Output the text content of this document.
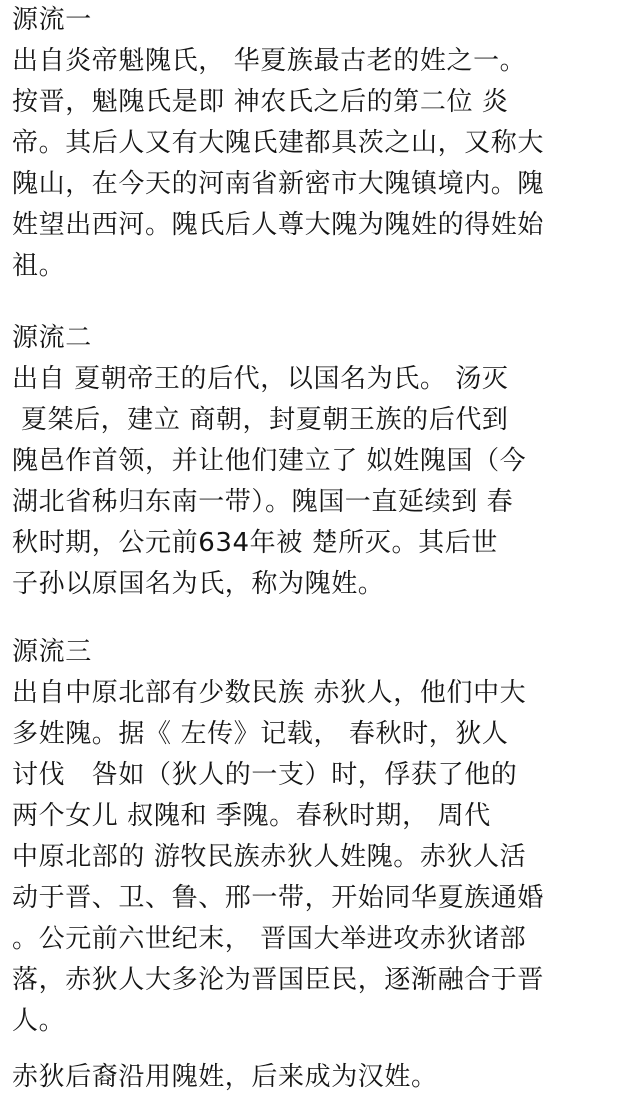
源流一
出自炎帝魁隗氏， 华夏族最古老的姓之一。
按晋，魁隗氏是即 神农氏之后的第二位 炎
帝。其后人又有大隗氏建都具茨之山，又称大
隗山，在今天的河南省新密市大隗镇境内。隗
姓望出西河。隗氏后人尊大隗为隗姓的得姓始
祖。
源流二
出自 夏朝帝王的后代，以国名为氏。 汤灭
夏桀后，建立 商朝，封夏朝王族的后代到
隗邑作首领，并让他们建立了 姒姓隗国（今
湖北省秭归东南一带）。隗国一直延续到 春
秋时期，公元前634年被 楚所灭。其后世
子孙以原国名为氏，称为隗姓。
源流三
出自中原北部有少数民族 赤狄人，他们中大
多姓隗。据《 左传》记载， 春秋时，狄人
讨伐   咎如（狄人的一支）时，俘获了他的
两个女儿 叔隗和 季隗。春秋时期， 周代
中原北部的 游牧民族赤狄人姓隗。赤狄人活
动于晋、卫、鲁、邢一带，开始同华夏族通婚
。公元前六世纪末， 晋国大举进攻赤狄诸部
落，赤狄人大多沦为晋国臣民，逐渐融合于晋
人。
赤狄后裔沿用隗姓，后来成为汉姓。
